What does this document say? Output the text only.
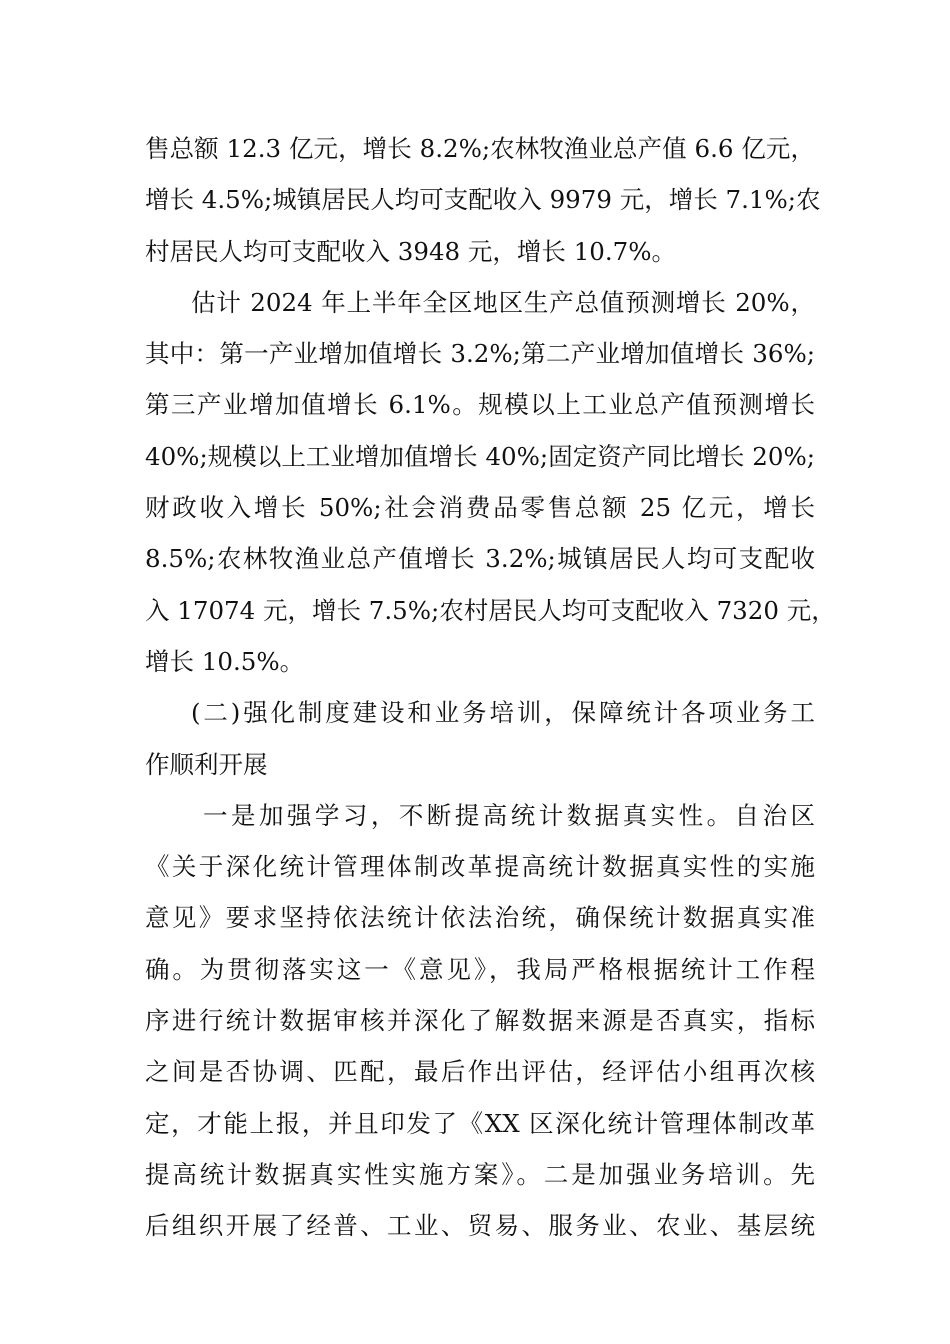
售总额 12.3 亿元，增长 8.2%;农林牧渔业总产值 6.6 亿元，
增长 4.5%;城镇居民人均可支配收入 9979 元，增长 7.1%;农
村居民人均可支配收入 3948 元，增长 10.7%。
估计 2024 年上半年全区地区生产总值预测增长 20%，
其中：第一产业增加值增长 3.2%;第二产业增加值增长 36%;
第三产业增加值增长 6.1%。规模以上工业总产值预测增长
40%;规模以上工业增加值增长 40%;固定资产同比增长 20%;
财政收入增长 50%;社会消费品零售总额 25 亿元，增长
8.5%;农林牧渔业总产值增长 3.2%;城镇居民人均可支配收
入 17074 元，增长 7.5%;农村居民人均可支配收入 7320 元，
增长 10.5%。
(二)强化制度建设和业务培训，保障统计各项业务工
作顺利开展
一是加强学习，不断提高统计数据真实性。自治区
《关于深化统计管理体制改革提高统计数据真实性的实施
意见》要求坚持依法统计依法治统，确保统计数据真实准
确。为贯彻落实这一《意见》，我局严格根据统计工作程
序进行统计数据审核并深化了解数据来源是否真实，指标
之间是否协调、匹配，最后作出评估，经评估小组再次核
定，才能上报，并且印发了《XX 区深化统计管理体制改革
提高统计数据真实性实施方案》。二是加强业务培训。先
后组织开展了经普、工业、贸易、服务业、农业、基层统
